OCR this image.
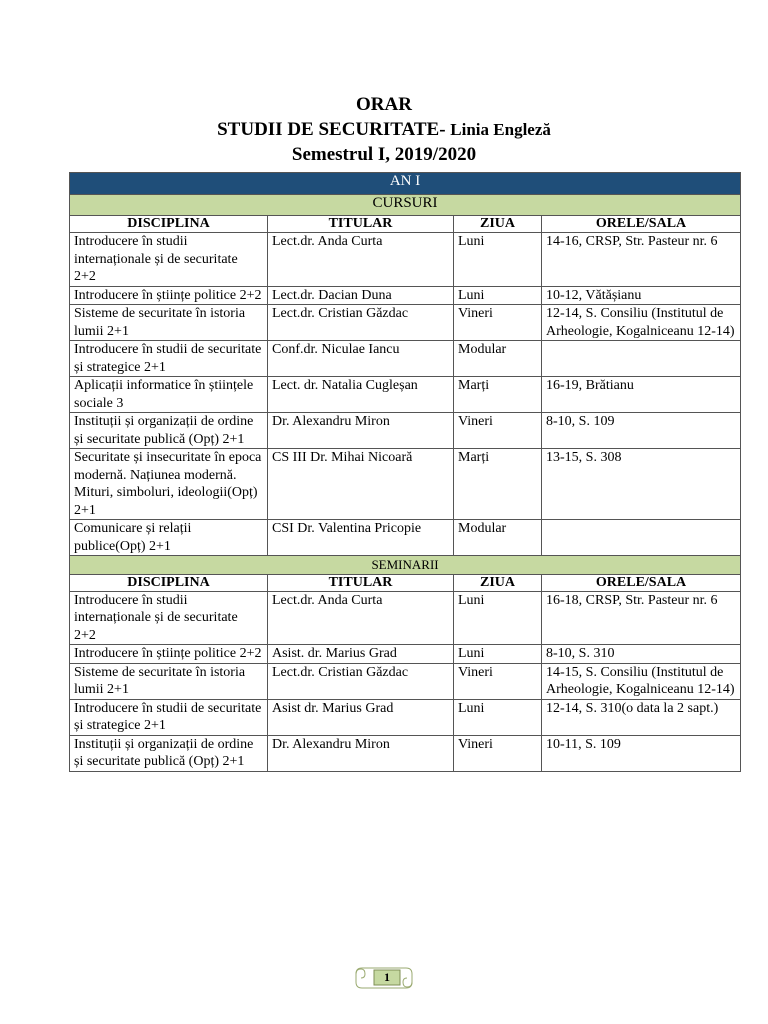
ORAR
STUDII DE SECURITATE- Linia Engleză
Semestrul I, 2019/2020
AN I			
CURSURI			
DISCIPLINA	TITULAR	ZIUA	ORELE/SALA
Introducere în studii internaționale și de securitate 2+2	Lect.dr. Anda Curta	Luni	14-16, CRSP, Str. Pasteur nr. 6
Introducere în științe politice 2+2	Lect.dr. Dacian Duna	Luni	10-12, Vătășianu
Sisteme de securitate în istoria lumii 2+1	Lect.dr. Cristian Găzdac	Vineri	12-14, S. Consiliu (Institutul de Arheologie, Kogalniceanu 12-14)
Introducere în studii de securitate și strategice 2+1	Conf.dr. Niculae Iancu	Modular	
Aplicații informatice în științele sociale 3	Lect. dr. Natalia Cugleșan	Marți	16-19, Brătianu
Instituții și organizații de ordine și securitate publică (Opț) 2+1	Dr. Alexandru Miron	Vineri	8-10, S. 109
Securitate și insecuritate în epoca modernă. Națiunea modernă. Mituri, simboluri, ideologii(Opț) 2+1	CS III Dr. Mihai Nicoară	Marți	13-15, S. 308
Comunicare și relații publice(Opț) 2+1	CSI Dr. Valentina Pricopie	Modular	
SEMINARII			
DISCIPLINA	TITULAR	ZIUA	ORELE/SALA
Introducere în studii internaționale și de securitate 2+2	Lect.dr. Anda Curta	Luni	16-18, CRSP, Str. Pasteur nr. 6
Introducere în științe politice 2+2	Asist. dr. Marius Grad	Luni	8-10, S. 310
Sisteme de securitate în istoria lumii 2+1	Lect.dr. Cristian Găzdac	Vineri	14-15, S. Consiliu (Institutul de Arheologie, Kogalniceanu 12-14)
Introducere în studii de securitate și strategice 2+1	Asist dr. Marius Grad	Luni	12-14, S. 310(o data la 2 sapt.)
Instituții și organizații de ordine și securitate publică (Opț) 2+1	Dr. Alexandru Miron	Vineri	10-11, S. 109
1
